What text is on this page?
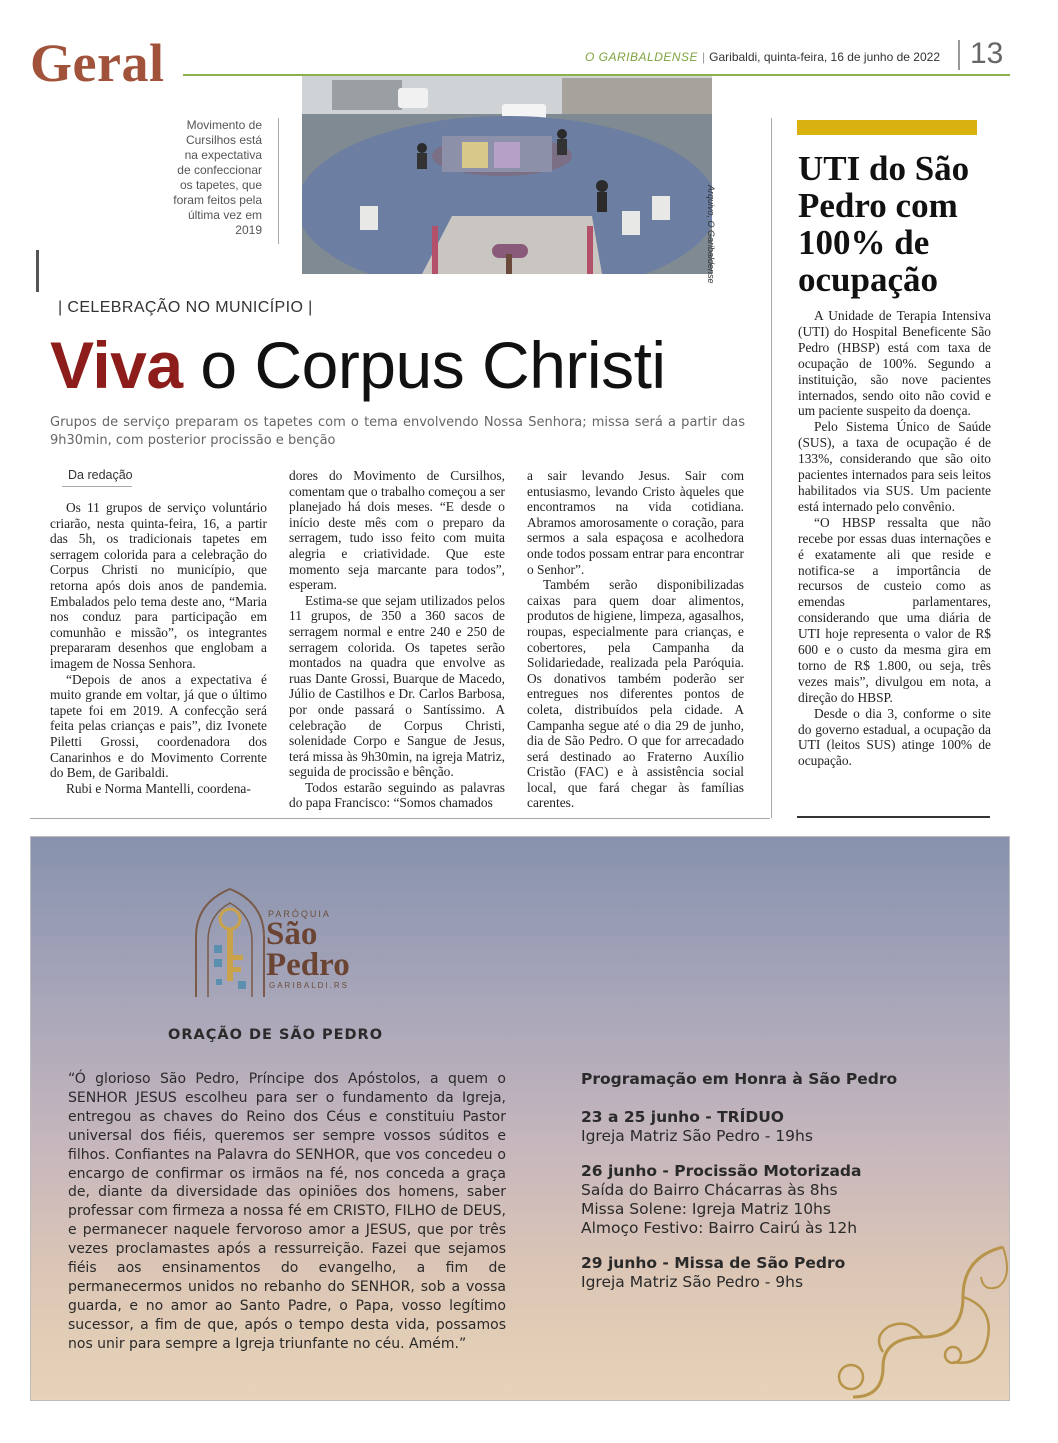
Geral	O GARIBALDENSE | Garibaldi, quinta-feira, 16 de junho de 2022 13
Movimento de Cursilhos está na expectativa de confeccionar os tapetes, que foram feitos pela última vez em 2019	Arquivo, O Garibaldense
| CELEBRAÇÃO NO MUNICÍPIO |
Viva o Corpus Christi
Grupos de serviço preparam os tapetes com o tema envolvendo Nossa Senhora; missa será a partir das 9h30min, com posterior procissão e benção
Da redação

Os 11 grupos de serviço voluntário criarão, nesta quinta-feira, 16, a partir das 5h, os tradicionais tapetes em serragem colorida para a celebração do Corpus Christi no município, que retorna após dois anos de pandemia. Embalados pelo tema deste ano, “Maria nos conduz para participação em comunhão e missão”, os integrantes prepararam desenhos que englobam a imagem de Nossa Senhora.

“Depois de anos a expectativa é muito grande em voltar, já que o último tapete foi em 2019. A confecção será feita pelas crianças e pais”, diz Ivonete Piletti Grossi, coordenadora dos Canarinhos e do Movimento Corrente do Bem, de Garibaldi.

Rubi e Norma Mantelli, coordena-

dores do Movimento de Cursilhos, comentam que o trabalho começou a ser planejado há dois meses. “E desde o início deste mês com o preparo da serragem, tudo isso feito com muita alegria e criatividade. Que este momento seja marcante para todos”, esperam.

Estima-se que sejam utilizados pelos 11 grupos, de 350 a 360 sacos de serragem normal e entre 240 e 250 de serragem colorida. Os tapetes serão montados na quadra que envolve as ruas Dante Grossi, Buarque de Macedo, Júlio de Castilhos e Dr. Carlos Barbosa, por onde passará o Santíssimo. A celebração de Corpus Christi, solenidade Corpo e Sangue de Jesus, terá missa às 9h30min, na igreja Matriz, seguida de procissão e bênção.

Todos estarão seguindo as palavras do papa Francisco: “Somos chamados

a sair levando Jesus. Sair com entusiasmo, levando Cristo àqueles que encontramos na vida cotidiana. Abramos amorosamente o coração, para sermos a sala espaçosa e acolhedora onde todos possam entrar para encontrar o Senhor”.

Também serão disponibilizadas caixas para quem doar alimentos, produtos de higiene, limpeza, agasalhos, roupas, especialmente para crianças, e cobertores, pela Campanha da Solidariedade, realizada pela Paróquia. Os donativos também poderão ser entregues nos diferentes pontos de coleta, distribuídos pela cidade. A Campanha segue até o dia 29 de junho, dia de São Pedro. O que for arrecadado será destinado ao Fraterno Auxílio Cristão (FAC) e à assistência social local, que fará chegar às famílias carentes.

UTI do São Pedro com 100% de ocupação

A Unidade de Terapia Intensiva (UTI) do Hospital Beneficente São Pedro (HBSP) está com taxa de ocupação de 100%. Segundo a instituição, são nove pacientes internados, sendo oito não covid e um paciente suspeito da doença.

Pelo Sistema Único de Saúde (SUS), a taxa de ocupação é de 133%, considerando que são oito pacientes internados para seis leitos habilitados via SUS. Um paciente está internado pelo convênio.

“O HBSP ressalta que não recebe por essas duas internações e é exatamente ali que reside e notifica-se a importância de recursos de custeio como as emendas parlamentares, considerando que uma diária de UTI hoje representa o valor de R$ 600 e o custo da mesma gira em torno de R$ 1.800, ou seja, três vezes mais”, divulgou em nota, a direção do HBSP.

Desde o dia 3, conforme o site do governo estadual, a ocupação da UTI (leitos SUS) atinge 100% de ocupação.

PARÓQUIA
São
Pedro
GARIBALDI.RS
ORAÇÃO DE SÃO PEDRO
“Ó glorioso São Pedro, Príncipe dos Apóstolos, a quem o SENHOR JESUS escolheu para ser o fundamento da Igreja, entregou as chaves do Reino dos Céus e constituiu Pastor universal dos fiéis, queremos ser sempre vossos súditos e filhos. Confiantes na Palavra do SENHOR, que vos concedeu o encargo de confirmar os irmãos na fé, nos conceda a graça de, diante da diversidade das opiniões dos homens, saber professar com firmeza a nossa fé em CRISTO, FILHO de DEUS, e permanecer naquele fervoroso amor a JESUS, que por três vezes proclamastes após a ressurreição. Fazei que sejamos fiéis aos ensinamentos do evangelho, a fim de permanecermos unidos no rebanho do SENHOR, sob a vossa guarda, e no amor ao Santo Padre, o Papa, vosso legítimo sucessor, a fim de que, após o tempo desta vida, possamos nos unir para sempre a Igreja triunfante no céu. Amém.”
Programação em Honra à São Pedro
23 a 25 junho - TRÍDUO
Igreja Matriz São Pedro - 19hs
26 junho - Procissão Motorizada
Saída do Bairro Chácarras às 8hs
Missa Solene: Igreja Matriz 10hs
Almoço Festivo: Bairro Cairú às 12h
29 junho - Missa de São Pedro
Igreja Matriz São Pedro - 9hs
